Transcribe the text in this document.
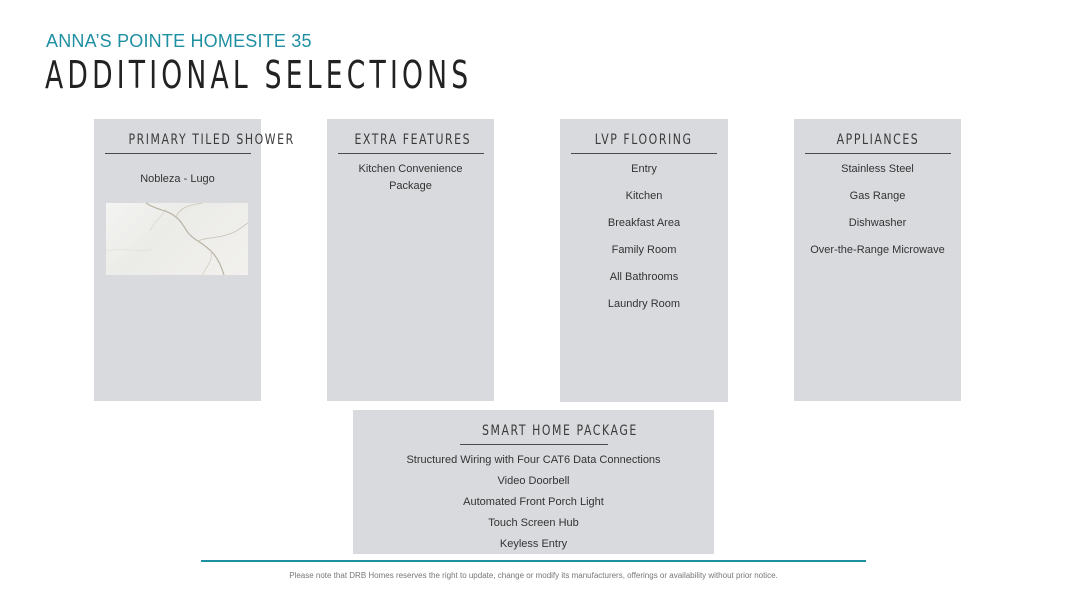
ANNA’S POINTE HOMESITE 35
ADDITIONAL SELECTIONS
PRIMARY TILED SHOWER
Nobleza - Lugo
EXTRA FEATURES
Kitchen Convenience
Package
LVP FLOORING
Entry
Kitchen
Breakfast Area
Family Room
All Bathrooms
Laundry Room
APPLIANCES
Stainless Steel
Gas Range
Dishwasher
Over-the-Range Microwave
SMART HOME PACKAGE
Structured Wiring with Four CAT6 Data Connections
Video Doorbell
Automated Front Porch Light
Touch Screen Hub
Keyless Entry
Please note that DRB Homes reserves the right to update, change or modify its manufacturers, offerings or availability without prior notice.
